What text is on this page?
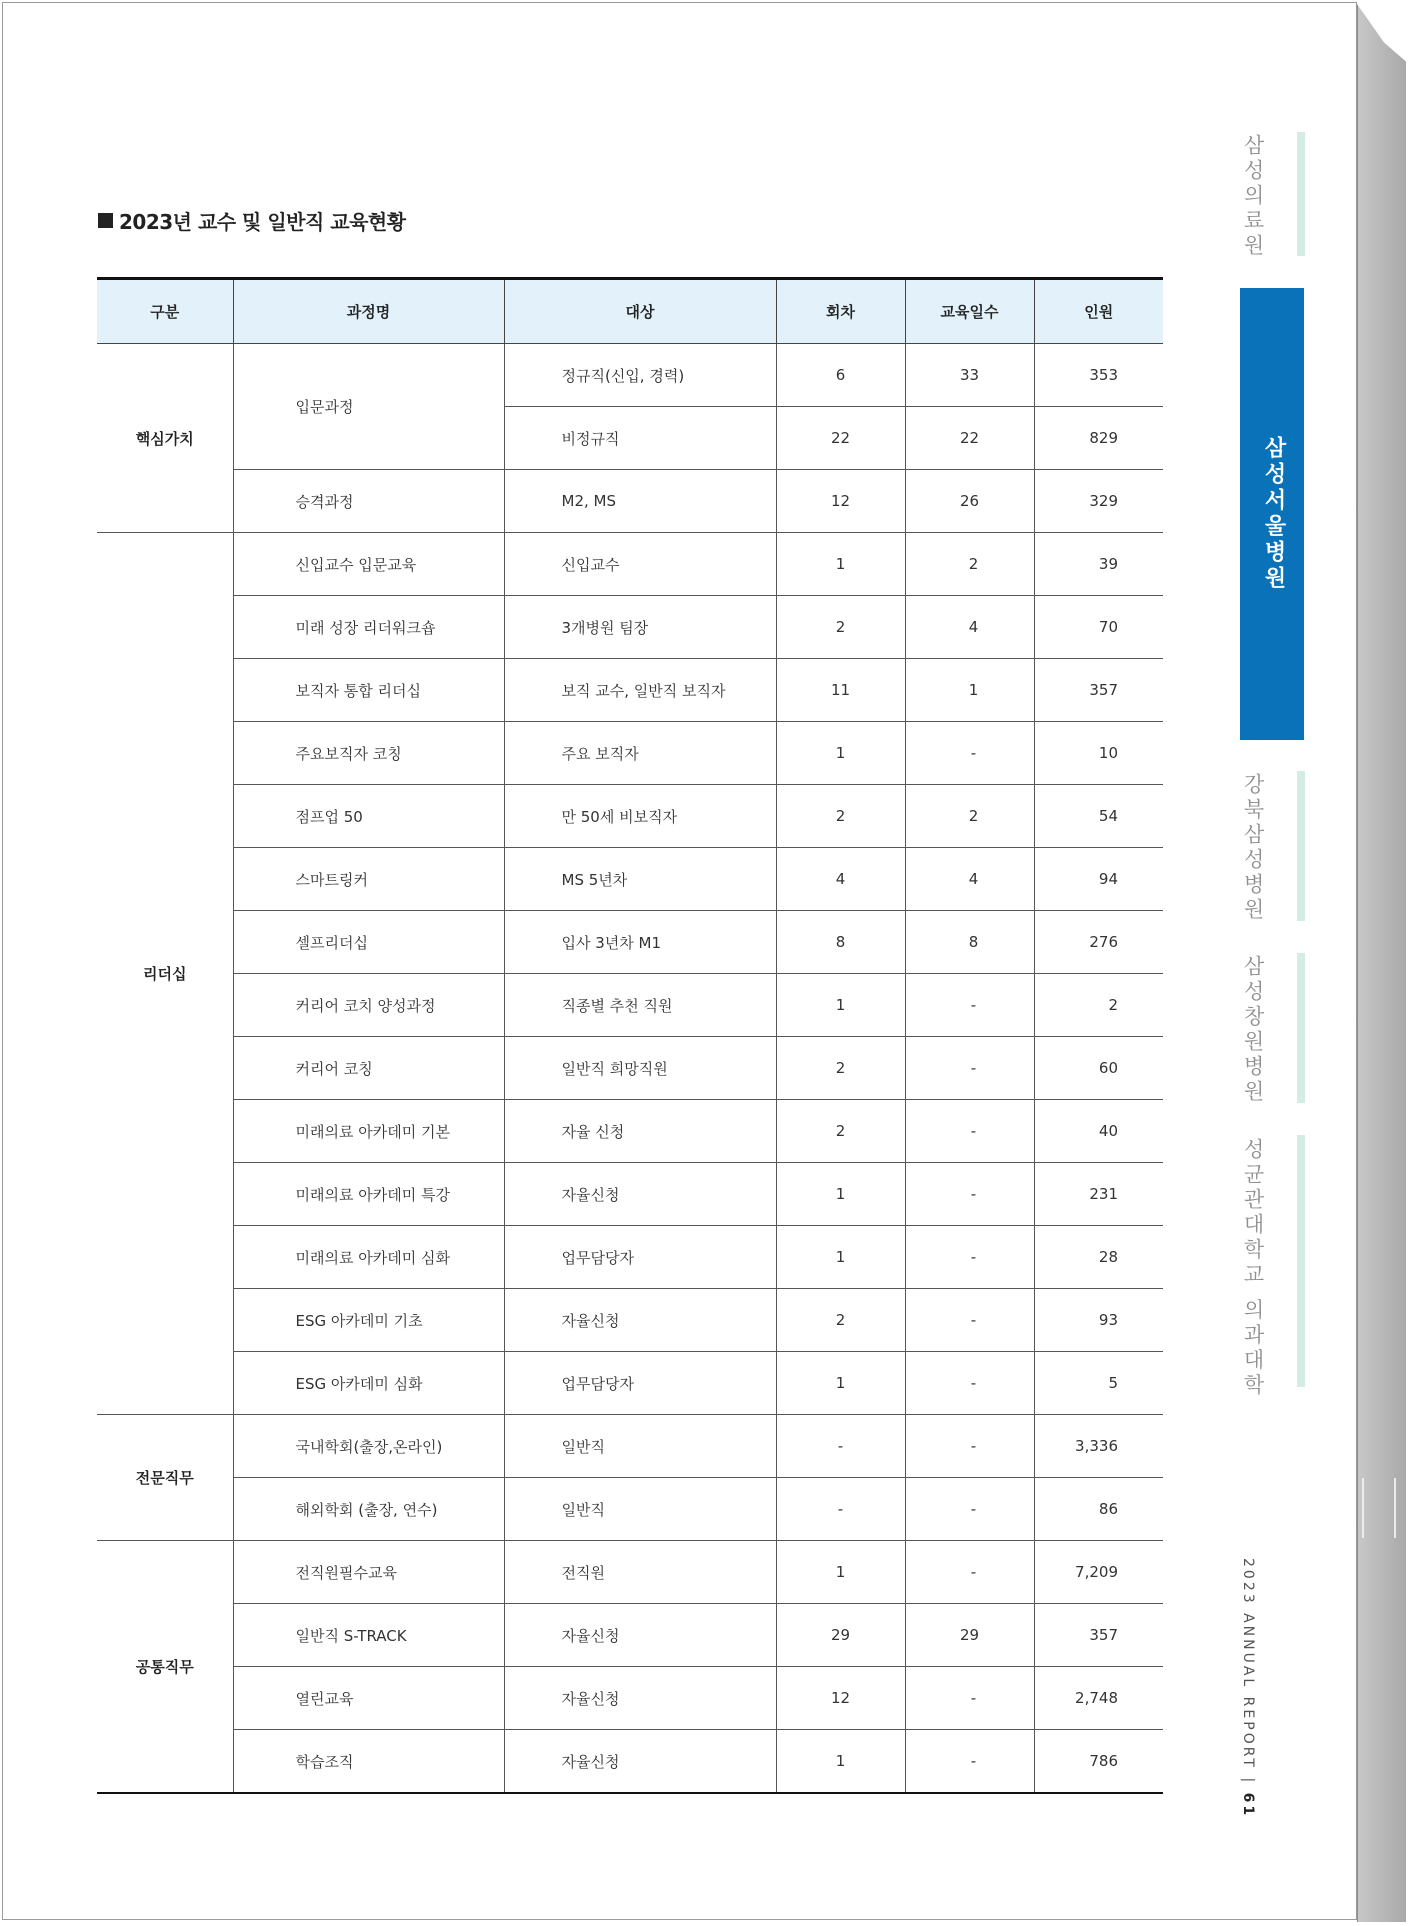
2023년 교수 및 일반직 교육현황
구분	과정명	대상	회차	교육일수	인원
핵심가치	입문과정	정규직(신입, 경력)	6	33	353
		비정규직	22	22	829
	승격과정	M2, MS	12	26	329
리더십	신입교수 입문교육	신입교수	1	2	39
	미래 성장 리더워크숍	3개병원 팀장	2	4	70
	보직자 통합 리더십	보직 교수, 일반직 보직자	11	1	357
	주요보직자 코칭	주요 보직자	1	-	10
	점프업 50	만 50세 비보직자	2	2	54
	스마트링커	MS 5년차	4	4	94
	셀프리더십	입사 3년차 M1	8	8	276
	커리어 코치 양성과정	직종별 추천 직원	1	-	2
	커리어 코칭	일반직 희망직원	2	-	60
	미래의료 아카데미 기본	자율 신청	2	-	40
	미래의료 아카데미 특강	자율신청	1	-	231
	미래의료 아카데미 심화	업무담당자	1	-	28
	ESG 아카데미 기초	자율신청	2	-	93
	ESG 아카데미 심화	업무담당자	1	-	5
전문직무	국내학회(출장,온라인)	일반직	-	-	3,336
	해외학회 (출장, 연수)	일반직	-	-	86
공통직무	전직원필수교육	전직원	1	-	7,209
	일반직 S-TRACK	자율신청	29	29	357
	열린교육	자율신청	12	-	2,748
	학습조직	자율신청	1	-	786
삼성의료원
삼성서울병원
강북삼성병원
삼성창원병원
성균관대학교 의과대학
2023 ANNUAL REPORT | 61
